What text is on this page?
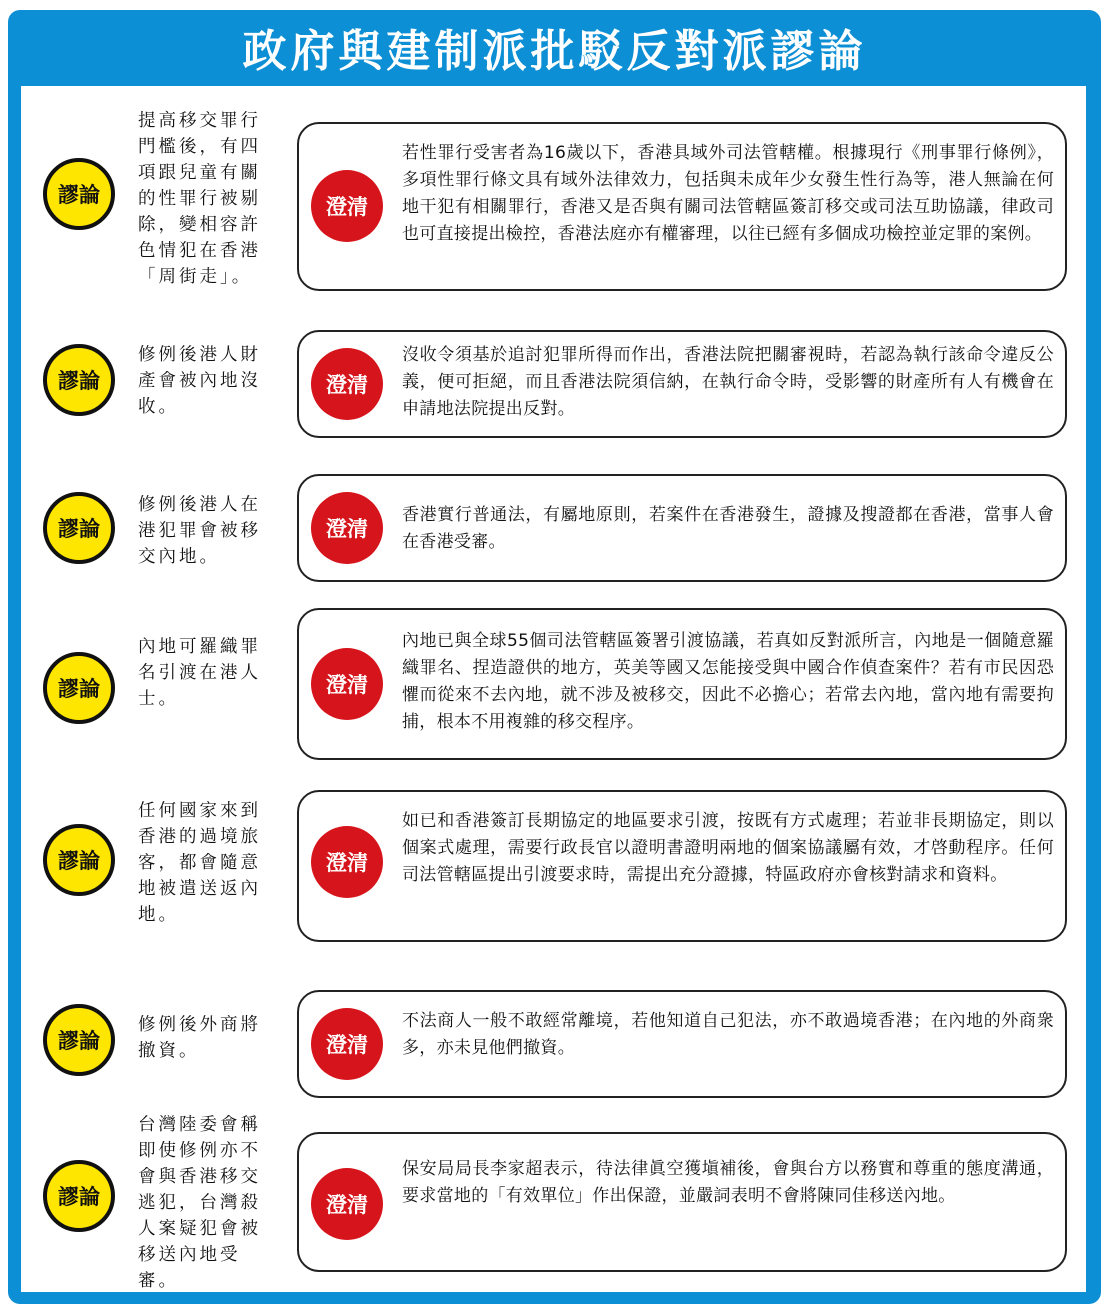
政府與建制派批駁反對派謬論
謬論
提高移交罪行門檻後，有四項跟兒童有關的性罪行被剔除，變相容許色情犯在香港「周街走」。
澄清
若性罪行受害者為16歲以下，香港具域外司法管轄權。根據現行《刑事罪行條例》，多項性罪行條文具有域外法律效力，包括與未成年少女發生性行為等，港人無論在何地干犯有相關罪行，香港又是否與有關司法管轄區簽訂移交或司法互助協議，律政司也可直接提出檢控，香港法庭亦有權審理，以往已經有多個成功檢控並定罪的案例。
謬論
修例後港人財產會被內地沒收。
澄清
沒收令須基於追討犯罪所得而作出，香港法院把關審視時，若認為執行該命令違反公義，便可拒絕，而且香港法院須信納，在執行命令時，受影響的財產所有人有機會在申請地法院提出反對。
謬論
修例後港人在港犯罪會被移交內地。
澄清
香港實行普通法，有屬地原則，若案件在香港發生，證據及搜證都在香港，當事人會在香港受審。
謬論
內地可羅織罪名引渡在港人士。
澄清
內地已與全球55個司法管轄區簽署引渡協議，若真如反對派所言，內地是一個隨意羅織罪名、捏造證供的地方，英美等國又怎能接受與中國合作偵查案件？若有市民因恐懼而從來不去內地，就不涉及被移交，因此不必擔心；若常去內地，當內地有需要拘捕，根本不用複雜的移交程序。
謬論
任何國家來到香港的過境旅客，都會隨意地被遣送返內地。
澄清
如已和香港簽訂長期協定的地區要求引渡，按既有方式處理；若並非長期協定，則以個案式處理，需要行政長官以證明書證明兩地的個案協議屬有效，才啓動程序。任何司法管轄區提出引渡要求時，需提出充分證據，特區政府亦會核對請求和資料。
謬論
修例後外商將撤資。	澄清
不法商人一般不敢經常離境，若他知道自己犯法，亦不敢過境香港；在內地的外商衆多，亦未見他們撤資。
謬論
台灣陸委會稱即使修例亦不會與香港移交逃犯，台灣殺人案疑犯會被移送內地受審。
澄清
保安局局長李家超表示，待法律眞空獲塡補後，會與台方以務實和尊重的態度溝通，要求當地的「有效單位」作出保證，並嚴詞表明不會將陳同佳移送內地。
